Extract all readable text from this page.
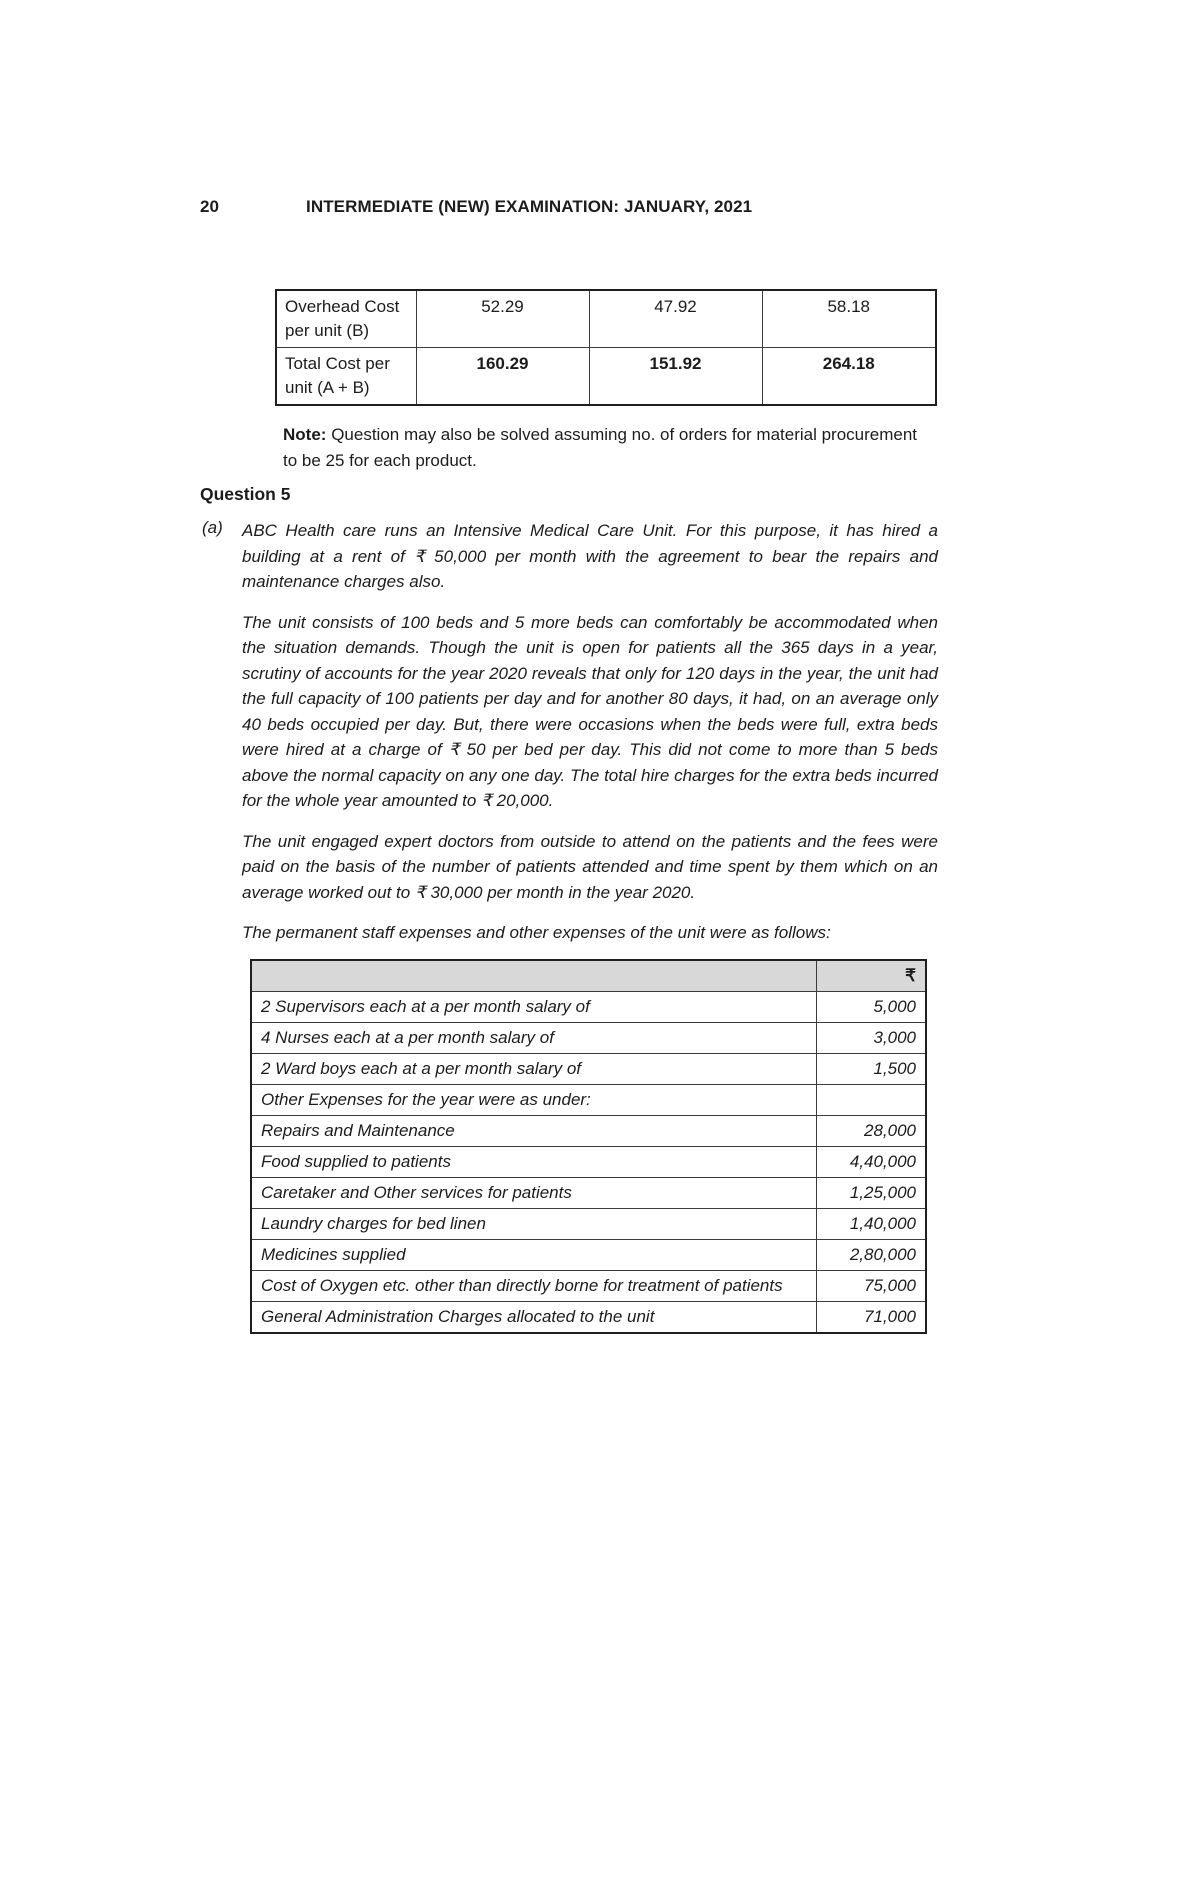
20	INTERMEDIATE (NEW) EXAMINATION: JANUARY, 2021
Overhead Cost per unit (B)	52.29	47.92	58.18
Total Cost per unit (A + B)	160.29	151.92	264.18

Note: Question may also be solved assuming no. of orders for material procurement to be 25 for each product.

Question 5
(a) ABC Health care runs an Intensive Medical Care Unit. For this purpose, it has hired a building at a rent of ₹ 50,000 per month with the agreement to bear the repairs and maintenance charges also.

The unit consists of 100 beds and 5 more beds can comfortably be accommodated when the situation demands. Though the unit is open for patients all the 365 days in a year, scrutiny of accounts for the year 2020 reveals that only for 120 days in the year, the unit had the full capacity of 100 patients per day and for another 80 days, it had, on an average only 40 beds occupied per day. But, there were occasions when the beds were full, extra beds were hired at a charge of ₹ 50 per bed per day. This did not come to more than 5 beds above the normal capacity on any one day. The total hire charges for the extra beds incurred for the whole year amounted to ₹ 20,000.

The unit engaged expert doctors from outside to attend on the patients and the fees were paid on the basis of the number of patients attended and time spent by them which on an average worked out to ₹ 30,000 per month in the year 2020.

The permanent staff expenses and other expenses of the unit were as follows:

	₹
2 Supervisors each at a per month salary of	5,000
4 Nurses each at a per month salary of	3,000
2 Ward boys each at a per month salary of	1,500
Other Expenses for the year were as under:	
Repairs and Maintenance	28,000
Food supplied to patients	4,40,000
Caretaker and Other services for patients	1,25,000
Laundry charges for bed linen	1,40,000
Medicines supplied	2,80,000
Cost of Oxygen etc. other than directly borne for treatment of patients	75,000
General Administration Charges allocated to the unit	71,000
